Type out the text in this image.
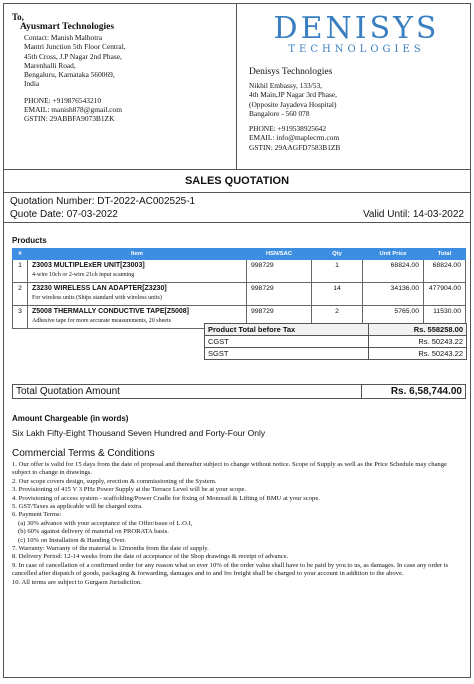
To,
Ayusmart Technologies
Contact: Manish Malhotra
Mantri Junction 5th Floor Central,
45th Cross, J.P Nagar 2nd Phase,
Marenhalli Road,
Bengaluru, Karnataka 560069,
India
PHONE: +919876543210
EMAIL: manish878@gmail.com
GSTIN: 29ABBFA9073B1ZK
DENISYS
TECHNOLOGIES
Denisys Technologies
Nikhil Embassy, 133/53,
4th Main,JP Nagar 3rd Phase,
(Opposite Jayadeva Hospital)
Bangalore - 560 078
PHONE: +919538925642
EMAIL: info@maplecrm.com
GSTIN: 29AAGFD7583B1ZB
SALES QUOTATION
Quotation Number: DT-2022-AC002525-1
Quote Date: 07-03-2022	Valid Until: 14-03-2022
Products
#	Item	HSN/SAC	Qty	Unit Price	Total
1	Z3003 MULTIPLExER UNIT[Z3003]
4-wire 10ch or 2-wire 21ch input scanning	998729	1	68824.00	68824.00
2	Z3230 WIRELESS LAN ADAPTER[Z3230]
For wireless units (Ships standard with wireless units)	998729	14	34136.00	477904.00
3	Z5008 THERMALLY CONDUCTIVE TAPE[Z5008]
Adhesive tape for more accurate measurements, 20 sheets	998729	2	5765.00	11530.00
Product Total before Tax	Rs. 558258.00
CGST	Rs. 50243.22
SGST	Rs. 50243.22
Total Quotation Amount	Rs. 6,58,744.00
Amount Chargeable (in words)
Six Lakh Fifty-Eight Thousand Seven Hundred and Forty-Four Only
Commercial Terms & Conditions
1. Our offer is valid for 15 days from the date of proposal and thereafter subject to change without notice. Scope of Supply as well as the Price Schedule may change subject to change in drawings.
2. Our scope covers design, supply, erection & commissioning of the System.
3. Provisioning of 415 V 3 PHz Power Supply at the Terrace Level will be at your scope.
4. Provisioning of access system - scaffolding/Power Cradle for fixing of Monorail & Lifting of BMU at your scope.
5. GST/Taxes as applicable will be charged extra.
6. Payment Terms:
(a) 30% advance with your acceptance of the Offer/issue of L.O.I,
(b) 60% against delivery of material on PRORATA basis.
(c) 10% on Installation & Handing Over.
7. Warranty: Warranty of the material is 12months from the date of supply.
8. Delivery Period: 12-14 weeks from the date of acceptance of the Shop drawings & receipt of advance.
9. In case of cancellation of a confirmed order for any reason what so ever 10% of the order value shall have to be paid by you to us, as damages. In case any order is cancelled after dispatch of goods, packaging & forwarding, damages and to and fro freight shall be charged to your account in addition to the above.
10. All terms are subject to Gurgaon Jurisdiction.
